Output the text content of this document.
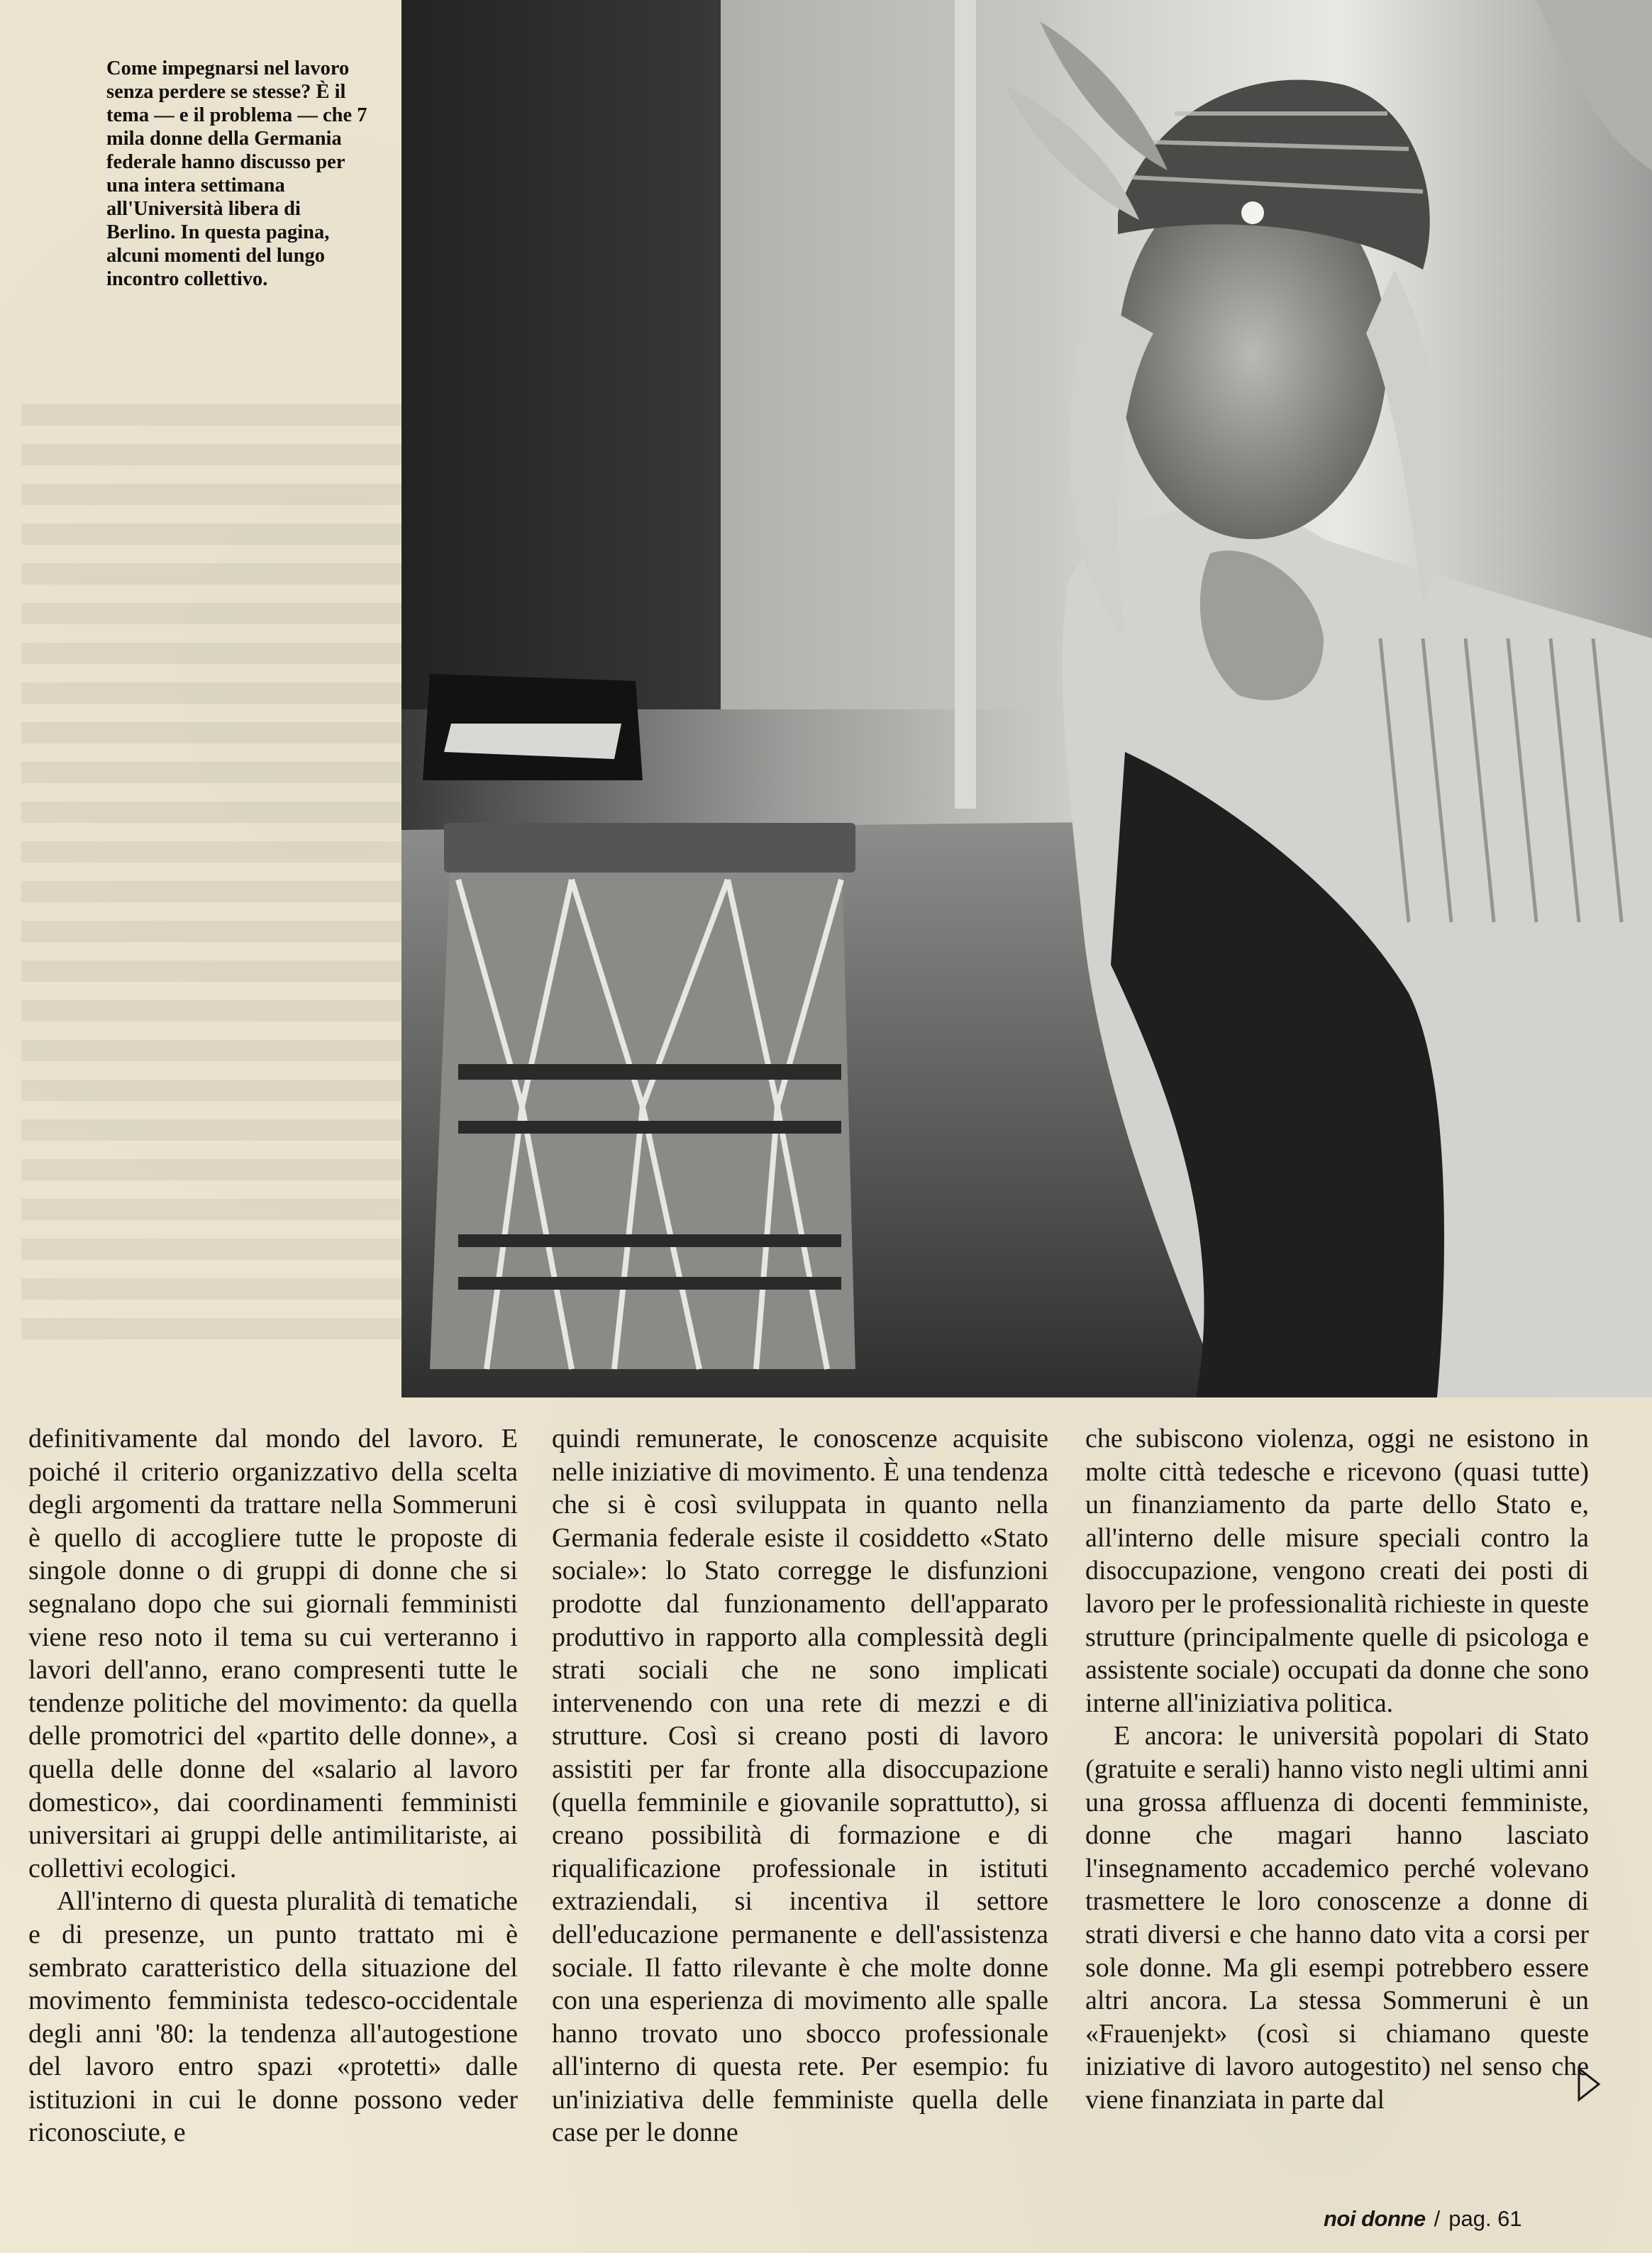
Come impegnarsi nel lavoro senza perdere se stesse? È il tema — e il problema — che 7 mila donne della Germania federale hanno discusso per una intera settimana all'Università libera di Berlino. In questa pagina, alcuni momenti del lungo incontro collettivo.

definitivamente dal mondo del lavoro. E poiché il criterio organizzativo della scelta degli argomenti da trattare nella Sommeruni è quello di accogliere tutte le proposte di singole donne o di gruppi di donne che si segnalano dopo che sui giornali femministi viene reso noto il tema su cui verteranno i lavori dell'anno, erano compresenti tutte le tendenze politiche del movimento: da quella delle promotrici del «partito delle donne», a quella delle donne del «salario al lavoro domestico», dai coordinamenti femministi universitari ai gruppi delle antimilitariste, ai collettivi ecologici.

All'interno di questa pluralità di tematiche e di presenze, un punto trattato mi è sembrato caratteristico della situazione del movimento femminista tedesco-occidentale degli anni '80: la tendenza all'autogestione del lavoro entro spazi «protetti» dalle istituzioni in cui le donne possono veder riconosciute, e

quindi remunerate, le conoscenze acquisite nelle iniziative di movimento. È una tendenza che si è così sviluppata in quanto nella Germania federale esiste il cosiddetto «Stato sociale»: lo Stato corregge le disfunzioni prodotte dal funzionamento dell'apparato produttivo in rapporto alla complessità degli strati sociali che ne sono implicati intervenendo con una rete di mezzi e di strutture. Così si creano posti di lavoro assistiti per far fronte alla disoccupazione (quella femminile e giovanile soprattutto), si creano possibilità di formazione e di riqualificazione professionale in istituti extraziendali, si incentiva il settore dell'educazione permanente e dell'assistenza sociale. Il fatto rilevante è che molte donne con una esperienza di movimento alle spalle hanno trovato uno sbocco professionale all'interno di questa rete. Per esempio: fu un'iniziativa delle femministe quella delle case per le donne

che subiscono violenza, oggi ne esistono in molte città tedesche e ricevono (quasi tutte) un finanziamento da parte dello Stato e, all'interno delle misure speciali contro la disoccupazione, vengono creati dei posti di lavoro per le professionalità richieste in queste strutture (principalmente quelle di psicologa e assistente sociale) occupati da donne che sono interne all'iniziativa politica.

E ancora: le università popolari di Stato (gratuite e serali) hanno visto negli ultimi anni una grossa affluenza di docenti femministe, donne che magari hanno lasciato l'insegnamento accademico perché volevano trasmettere le loro conoscenze a donne di strati diversi e che hanno dato vita a corsi per sole donne. Ma gli esempi potrebbero essere altri ancora. La stessa Sommeruni è un «Frauenjekt» (così si chiamano queste iniziative di lavoro autogestito) nel senso che viene finanziata in parte dal

noi donne / pag. 61
